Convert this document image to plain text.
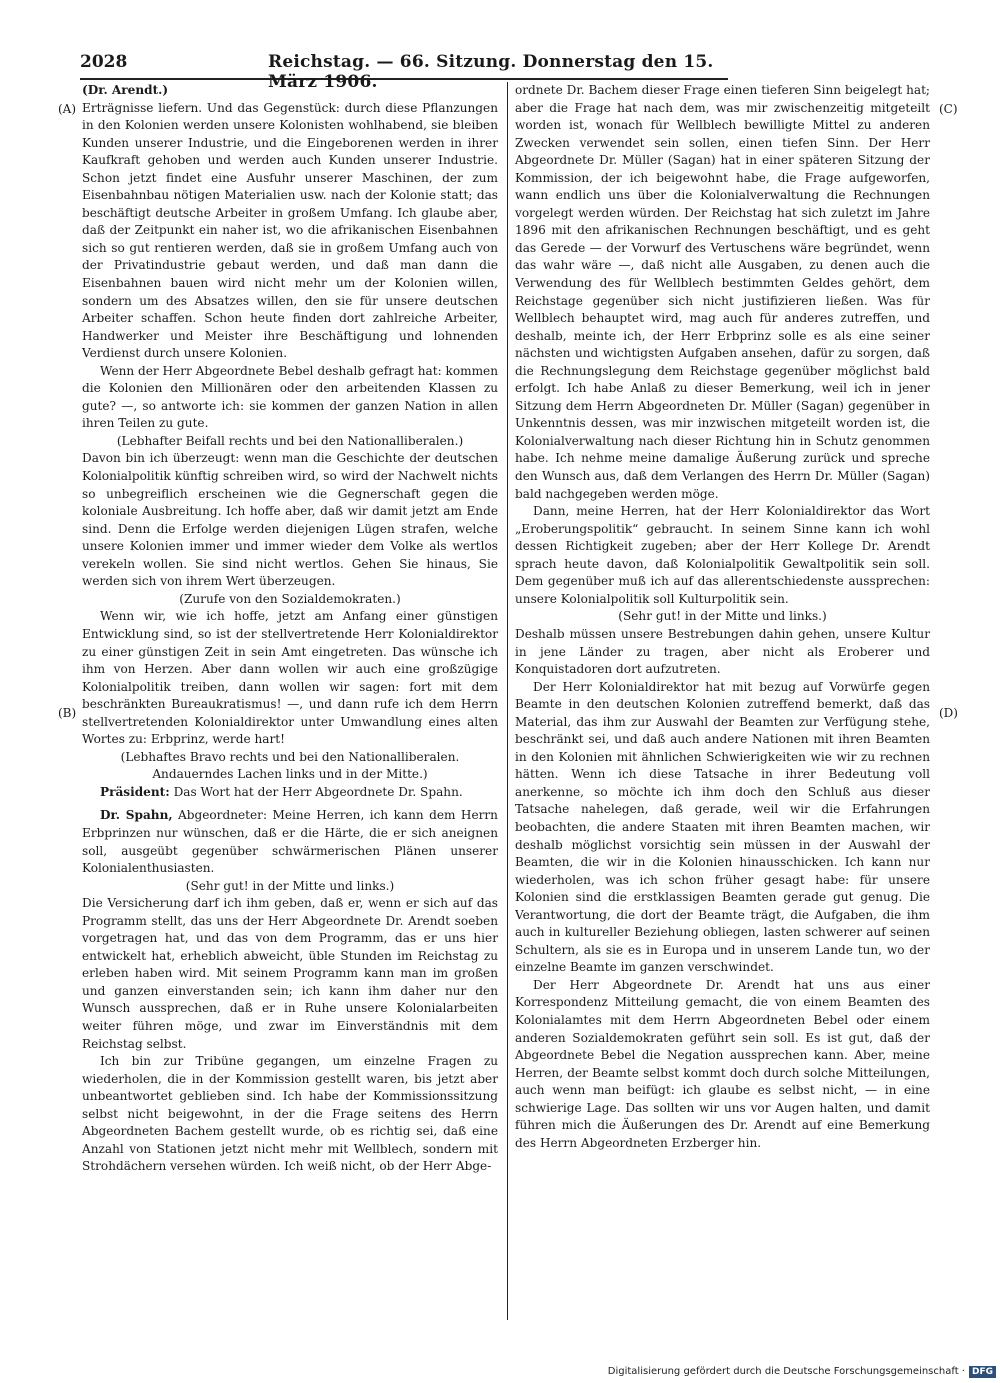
2028	Reichstag. — 66. Sitzung. Donnerstag den 15. März 1906.
(A)
(B)
(C)
(D)

(Dr. Arendt.)

Erträgnisse liefern. Und das Gegenstück: durch diese Pflanzungen in den Kolonien werden unsere Kolonisten wohlhabend, sie bleiben Kunden unserer Industrie, und die Eingeborenen werden in ihrer Kaufkraft gehoben und werden auch Kunden unserer Industrie. Schon jetzt findet eine Ausfuhr unserer Maschinen, der zum Eisenbahnbau nötigen Materialien usw. nach der Kolonie statt; das beschäftigt deutsche Arbeiter in großem Umfang. Ich glaube aber, daß der Zeitpunkt ein naher ist, wo die afrikanischen Eisenbahnen sich so gut rentieren werden, daß sie in großem Umfang auch von der Privatindustrie gebaut werden, und daß man dann die Eisenbahnen bauen wird nicht mehr um der Kolonien willen, sondern um des Absatzes willen, den sie für unsere deutschen Arbeiter schaffen. Schon heute finden dort zahlreiche Arbeiter, Handwerker und Meister ihre Beschäftigung und lohnenden Verdienst durch unsere Kolonien.

Wenn der Herr Abgeordnete Bebel deshalb gefragt hat: kommen die Kolonien den Millionären oder den arbeitenden Klassen zu gute? —, so antworte ich: sie kommen der ganzen Nation in allen ihren Teilen zu gute.

(Lebhafter Beifall rechts und bei den Nationalliberalen.)

Davon bin ich überzeugt: wenn man die Geschichte der deutschen Kolonialpolitik künftig schreiben wird, so wird der Nachwelt nichts so unbegreiflich erscheinen wie die Gegnerschaft gegen die koloniale Ausbreitung. Ich hoffe aber, daß wir damit jetzt am Ende sind. Denn die Erfolge werden diejenigen Lügen strafen, welche unsere Kolonien immer und immer wieder dem Volke als wertlos verekeln wollen. Sie sind nicht wertlos. Gehen Sie hinaus, Sie werden sich von ihrem Wert überzeugen.

(Zurufe von den Sozialdemokraten.)

Wenn wir, wie ich hoffe, jetzt am Anfang einer günstigen Entwicklung sind, so ist der stellvertretende Herr Kolonialdirektor zu einer günstigen Zeit in sein Amt eingetreten. Das wünsche ich ihm von Herzen. Aber dann wollen wir auch eine großzügige Kolonialpolitik treiben, dann wollen wir sagen: fort mit dem beschränkten Bureaukratismus! —, und dann rufe ich dem Herrn stellvertretenden Kolonialdirektor unter Umwandlung eines alten Wortes zu: Erbprinz, werde hart!

(Lebhaftes Bravo rechts und bei den Nationalliberalen. Andauerndes Lachen links und in der Mitte.)

Präsident: Das Wort hat der Herr Abgeordnete Dr. Spahn.

Dr. Spahn, Abgeordneter: Meine Herren, ich kann dem Herrn Erbprinzen nur wünschen, daß er die Härte, die er sich aneignen soll, ausgeübt gegenüber schwärmerischen Plänen unserer Kolonialenthusiasten.

(Sehr gut! in der Mitte und links.)

Die Versicherung darf ich ihm geben, daß er, wenn er sich auf das Programm stellt, das uns der Herr Abgeordnete Dr. Arendt soeben vorgetragen hat, und das von dem Programm, das er uns hier entwickelt hat, erheblich abweicht, üble Stunden im Reichstag zu erleben haben wird. Mit seinem Programm kann man im großen und ganzen einverstanden sein; ich kann ihm daher nur den Wunsch aussprechen, daß er in Ruhe unsere Kolonialarbeiten weiter führen möge, und zwar im Einverständnis mit dem Reichstag selbst.

Ich bin zur Tribüne gegangen, um einzelne Fragen zu wiederholen, die in der Kommission gestellt waren, bis jetzt aber unbeantwortet geblieben sind. Ich habe der Kommissionssitzung selbst nicht beigewohnt, in der die Frage seitens des Herrn Abgeordneten Bachem gestellt wurde, ob es richtig sei, daß eine Anzahl von Stationen jetzt nicht mehr mit Wellblech, sondern mit Strohdächern versehen würden. Ich weiß nicht, ob der Herr Abge-

ordnete Dr. Bachem dieser Frage einen tieferen Sinn beigelegt hat; aber die Frage hat nach dem, was mir zwischenzeitig mitgeteilt worden ist, wonach für Wellblech bewilligte Mittel zu anderen Zwecken verwendet sein sollen, einen tiefen Sinn. Der Herr Abgeordnete Dr. Müller (Sagan) hat in einer späteren Sitzung der Kommission, der ich beigewohnt habe, die Frage aufgeworfen, wann endlich uns über die Kolonialverwaltung die Rechnungen vorgelegt werden würden. Der Reichstag hat sich zuletzt im Jahre 1896 mit den afrikanischen Rechnungen beschäftigt, und es geht das Gerede — der Vorwurf des Vertuschens wäre begründet, wenn das wahr wäre —, daß nicht alle Ausgaben, zu denen auch die Verwendung des für Wellblech bestimmten Geldes gehört, dem Reichstage gegenüber sich nicht justifizieren ließen. Was für Wellblech behauptet wird, mag auch für anderes zutreffen, und deshalb, meinte ich, der Herr Erbprinz solle es als eine seiner nächsten und wichtigsten Aufgaben ansehen, dafür zu sorgen, daß die Rechnungslegung dem Reichstage gegenüber möglichst bald erfolgt. Ich habe Anlaß zu dieser Bemerkung, weil ich in jener Sitzung dem Herrn Abgeordneten Dr. Müller (Sagan) gegenüber in Unkenntnis dessen, was mir inzwischen mitgeteilt worden ist, die Kolonialverwaltung nach dieser Richtung hin in Schutz genommen habe. Ich nehme meine damalige Äußerung zurück und spreche den Wunsch aus, daß dem Verlangen des Herrn Dr. Müller (Sagan) bald nachgegeben werden möge.

Dann, meine Herren, hat der Herr Kolonialdirektor das Wort „Eroberungspolitik“ gebraucht. In seinem Sinne kann ich wohl dessen Richtigkeit zugeben; aber der Herr Kollege Dr. Arendt sprach heute davon, daß Kolonialpolitik Gewaltpolitik sein soll. Dem gegenüber muß ich auf das allerentschiedenste aussprechen: unsere Kolonialpolitik soll Kulturpolitik sein.

(Sehr gut! in der Mitte und links.)

Deshalb müssen unsere Bestrebungen dahin gehen, unsere Kultur in jene Länder zu tragen, aber nicht als Eroberer und Konquistadoren dort aufzutreten.

Der Herr Kolonialdirektor hat mit bezug auf Vorwürfe gegen Beamte in den deutschen Kolonien zutreffend bemerkt, daß das Material, das ihm zur Auswahl der Beamten zur Verfügung stehe, beschränkt sei, und daß auch andere Nationen mit ihren Beamten in den Kolonien mit ähnlichen Schwierigkeiten wie wir zu rechnen hätten. Wenn ich diese Tatsache in ihrer Bedeutung voll anerkenne, so möchte ich ihm doch den Schluß aus dieser Tatsache nahelegen, daß gerade, weil wir die Erfahrungen beobachten, die andere Staaten mit ihren Beamten machen, wir deshalb möglichst vorsichtig sein müssen in der Auswahl der Beamten, die wir in die Kolonien hinausschicken. Ich kann nur wiederholen, was ich schon früher gesagt habe: für unsere Kolonien sind die erstklassigen Beamten gerade gut genug. Die Verantwortung, die dort der Beamte trägt, die Aufgaben, die ihm auch in kultureller Beziehung obliegen, lasten schwerer auf seinen Schultern, als sie es in Europa und in unserem Lande tun, wo der einzelne Beamte im ganzen verschwindet.

Der Herr Abgeordnete Dr. Arendt hat uns aus einer Korrespondenz Mitteilung gemacht, die von einem Beamten des Kolonialamtes mit dem Herrn Abgeordneten Bebel oder einem anderen Sozialdemokraten geführt sein soll. Es ist gut, daß der Abgeordnete Bebel die Negation aussprechen kann. Aber, meine Herren, der Beamte selbst kommt doch durch solche Mitteilungen, auch wenn man beifügt: ich glaube es selbst nicht, — in eine schwierige Lage. Das sollten wir uns vor Augen halten, und damit führen mich die Äußerungen des Dr. Arendt auf eine Bemerkung des Herrn Abgeordneten Erzberger hin.

Digitalisierung gefördert durch die Deutsche Forschungsgemeinschaft · DFG
